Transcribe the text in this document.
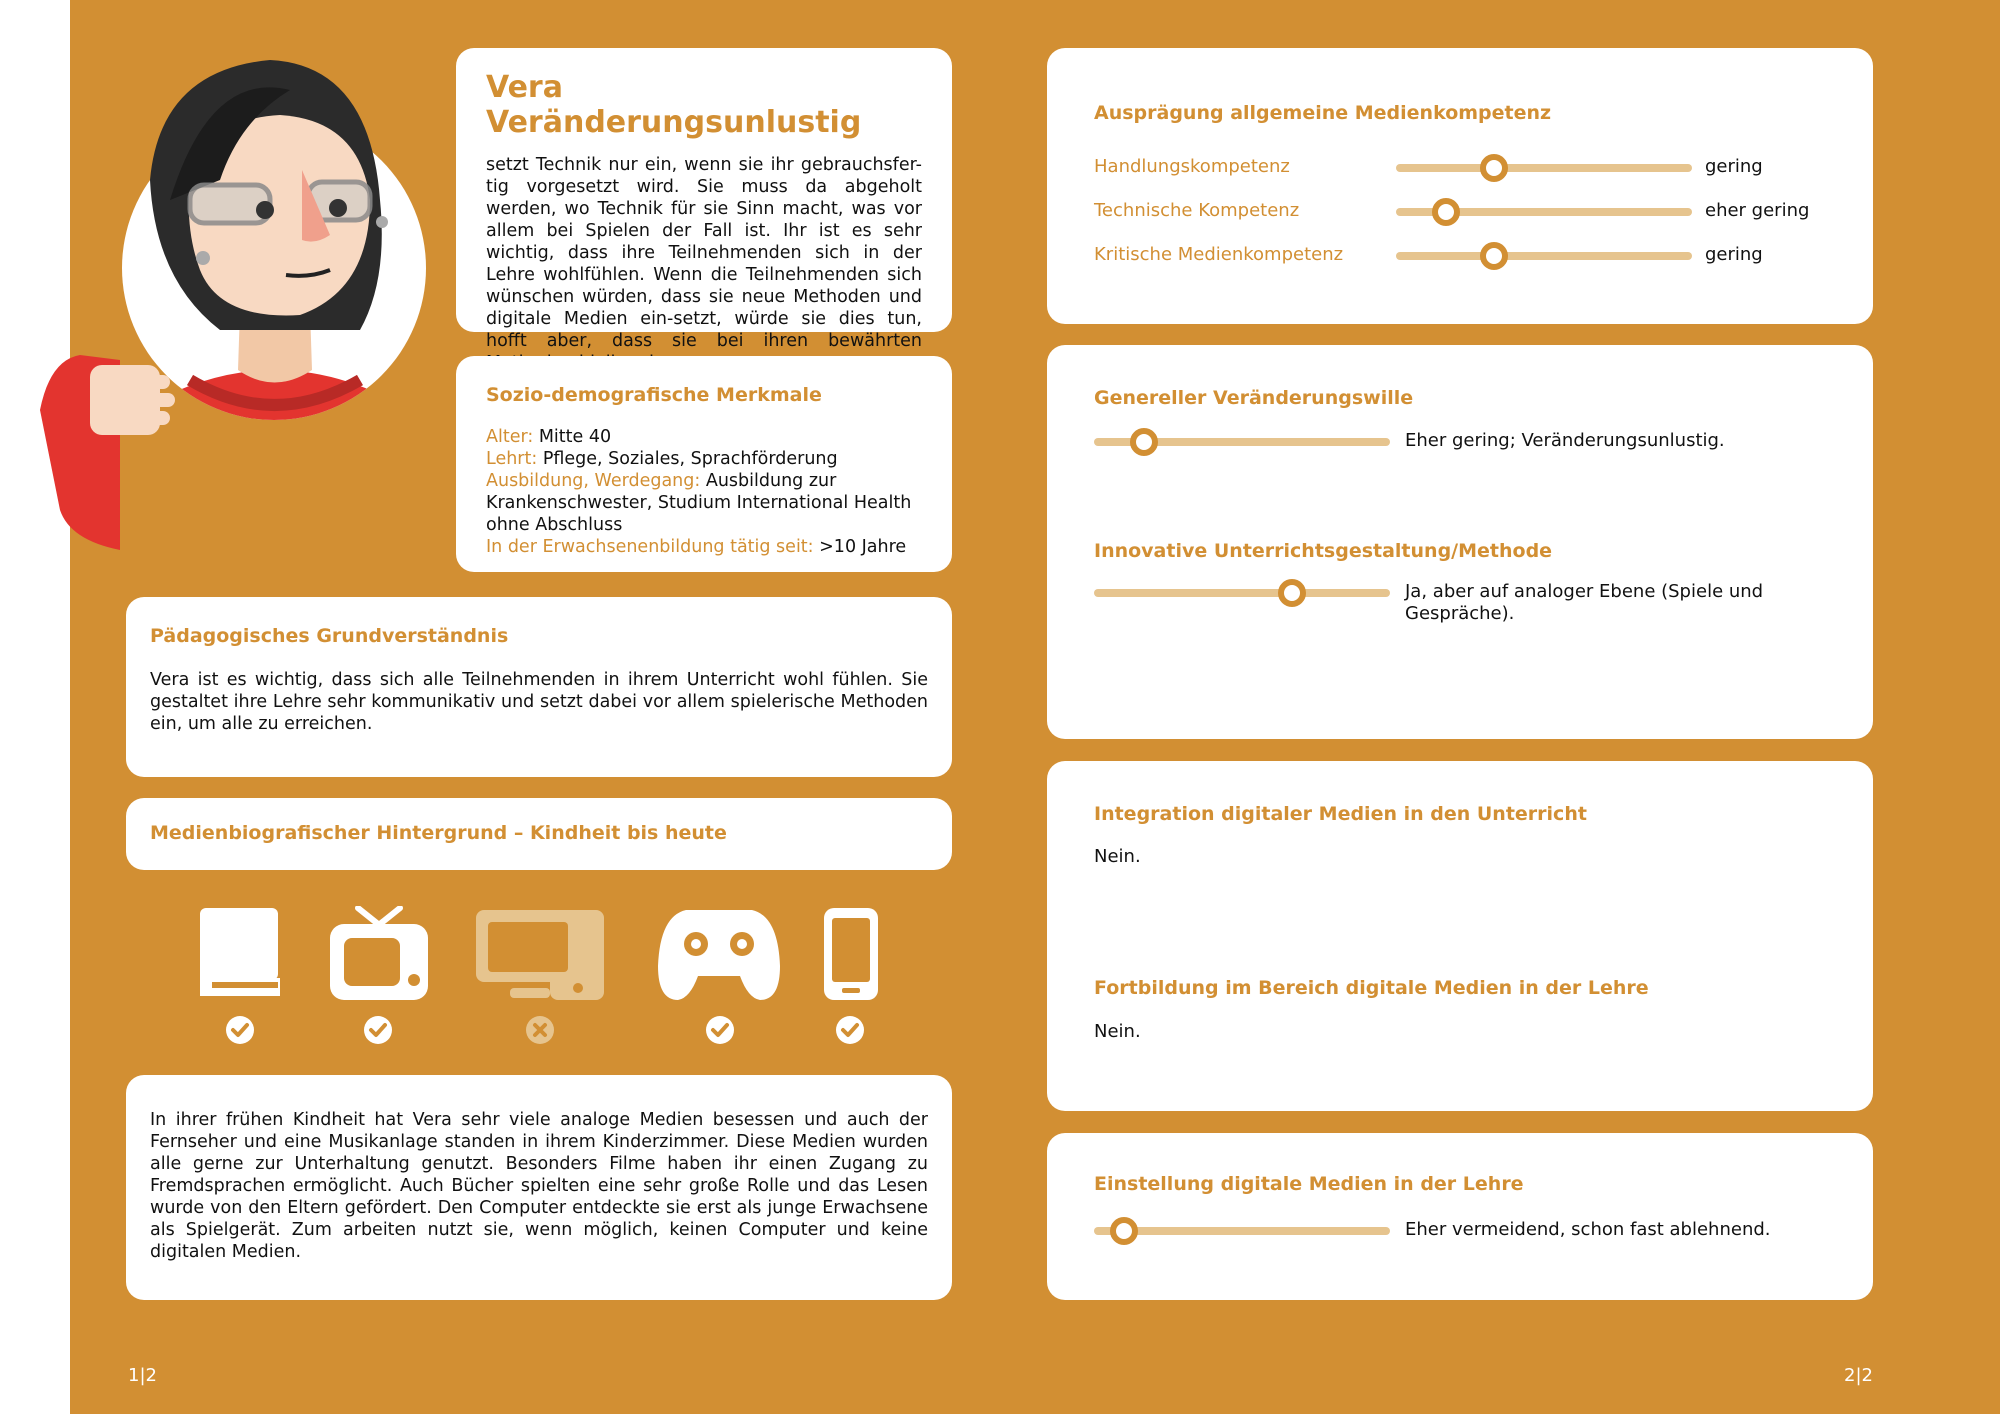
Vera Veränderungsunlustig

setzt Technik nur ein, wenn sie ihr gebrauchsfer-tig vorgesetzt wird. Sie muss da abgeholt werden, wo Technik für sie Sinn macht, was vor allem bei Spielen der Fall ist. Ihr ist es sehr wichtig, dass ihre Teilnehmenden sich in der Lehre wohlfühlen. Wenn die Teilnehmenden sich wünschen würden, dass sie neue Methoden und digitale Medien ein-setzt, würde sie dies tun, hofft aber, dass sie bei ihren bewährten

Sozio-demografische Merkmale

Alter: Mitte 40
Lehrt: Pflege, Soziales, Sprachförderung
Ausbildung, Werdegang: Ausbildung zur Krankenschwester, Studium International Health ohne Abschluss
In der Erwachsenenbildung tätig seit: >10 Jahre

Pädagogisches Grundverständnis

Vera ist es wichtig, dass sich alle Teilnehmenden in ihrem Unterricht wohl fühlen. Sie gestaltet ihre Lehre sehr kommunikativ und setzt dabei vor allem spielerische Methoden ein, um alle zu erreichen.

Medienbiografischer Hintergrund – Kindheit bis heute

In ihrer frühen Kindheit hat Vera sehr viele analoge Medien besessen und auch der Fernseher und eine Musikanlage standen in ihrem Kinderzimmer. Diese Medien wurden alle gerne zur Unterhaltung genutzt. Besonders Filme haben ihr einen Zugang zu Fremdsprachen ermöglicht. Auch Bücher spielten eine sehr große Rolle und das Lesen wurde von den Eltern gefördert. Den Computer entdeckte sie erst als junge Erwachsene als Spielgerät. Zum arbeiten nutzt sie, wenn möglich, keinen Computer und keine digitalen Medien.

Ausprägung allgemeine Medienkompetenz

Handlungskompetenz	gering
Technische Kompetenz	eher gering
Kritische Medienkompetenz	gering

Genereller Veränderungswille

Eher gering; Veränderungsunlustig.

Innovative Unterrichtsgestaltung/Methode

Ja, aber auf analoger Ebene (Spiele und Gespräche).

Integration digitaler Medien in den Unterricht

Nein.

Fortbildung im Bereich digitale Medien in der Lehre

Nein.

Einstellung digitale Medien in der Lehre

Eher vermeidend, schon fast ablehnend.
1|2	2|2
